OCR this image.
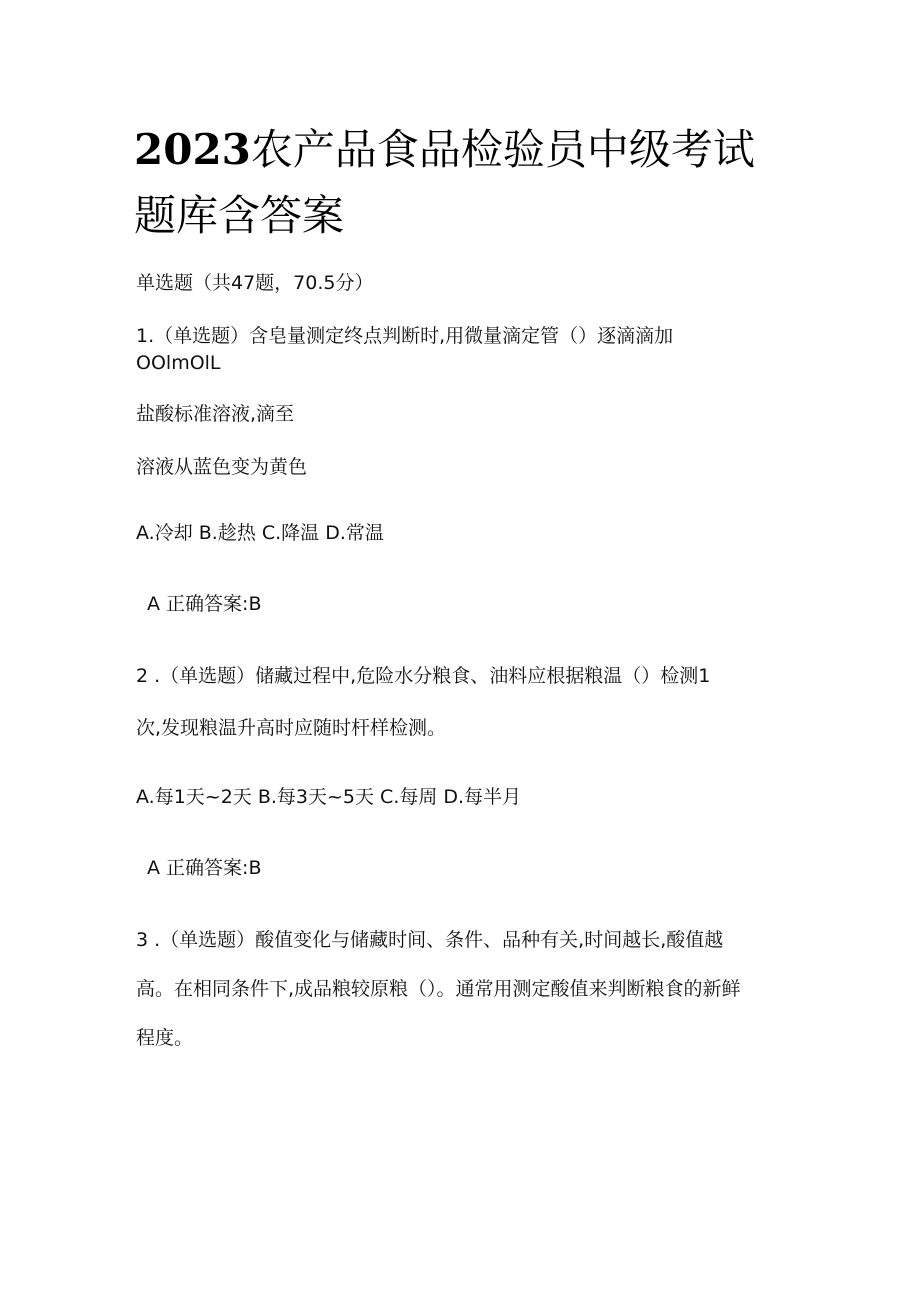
2023农产品食品检验员中级考试
题库含答案
单选题（共47题，70.5分）
1.（单选题）含皂量测定终点判断时,用微量滴定管（）逐滴滴加
OOlmOlL
盐酸标准溶液,滴至
溶液从蓝色变为黄色
A.冷却 B.趁热 C.降温 D.常温
A 正确答案:B
2 .（单选题）储藏过程中,危险水分粮食、油料应根据粮温（）检测1
次,发现粮温升高时应随时杆样检测。
A.每1天~2天 B.每3天~5天 C.每周 D.每半月
A 正确答案:B
3 .（单选题）酸值变化与储藏时间、条件、品种有关,时间越长,酸值越
高。在相同条件下,成品粮较原粮（）。通常用测定酸值来判断粮食的新鲜
程度。
